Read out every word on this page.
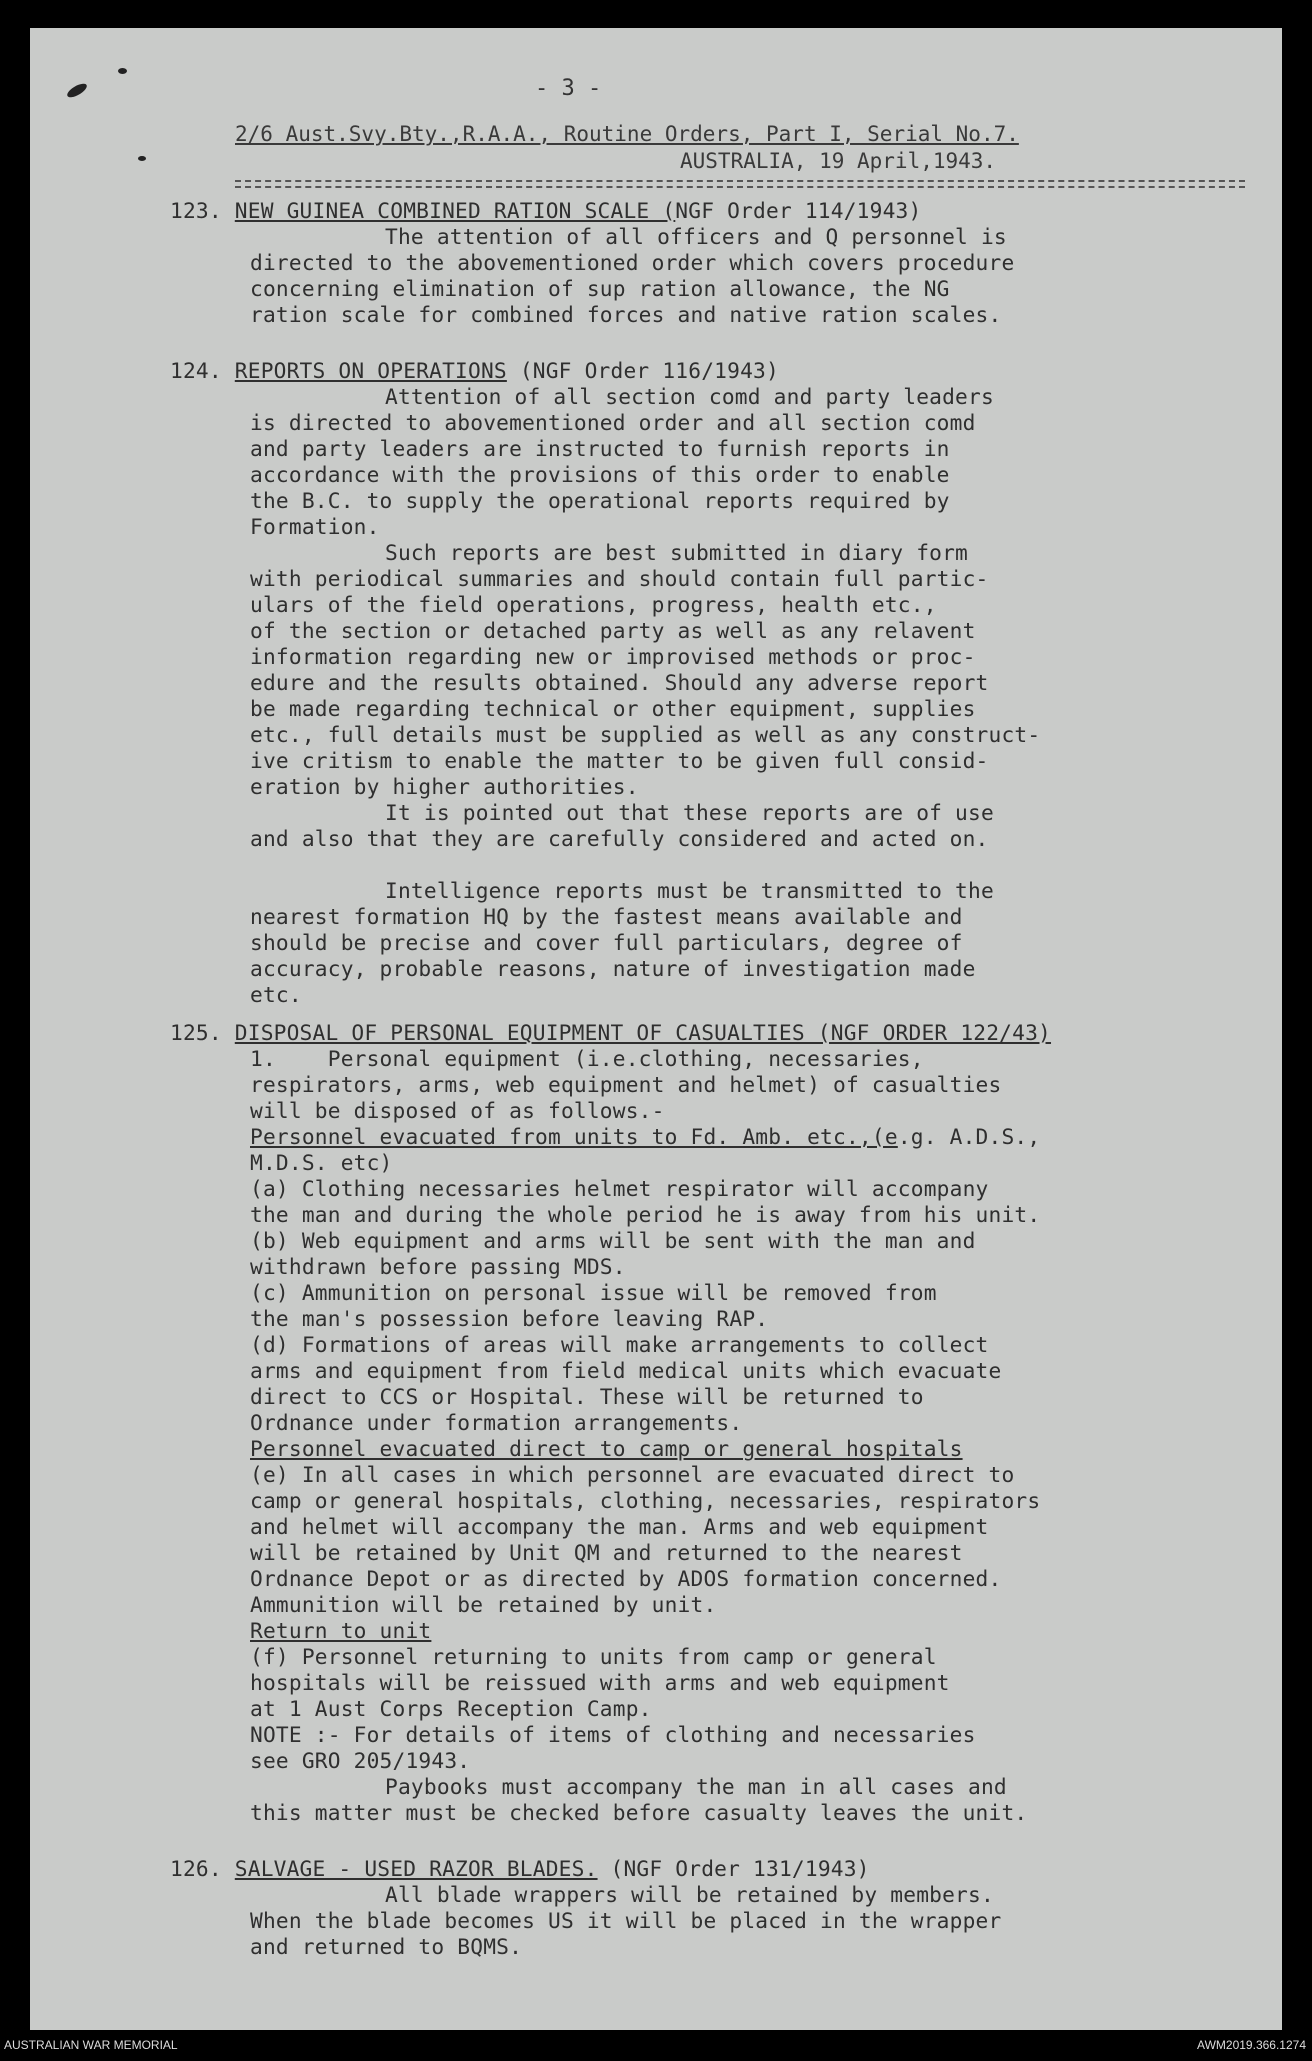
- 3 -
2/6 Aust.Svy.Bty.,R.A.A., Routine Orders, Part I, Serial No.7.
AUSTRALIA, 19 April,1943.
123. NEW GUINEA COMBINED RATION SCALE (NGF Order 114/1943)
The attention of all officers and Q personnel is
directed to the abovementioned order which covers procedure
concerning elimination of sup ration allowance, the NG
ration scale for combined forces and native ration scales.
124. REPORTS ON OPERATIONS (NGF Order 116/1943)
Attention of all section comd and party leaders
is directed to abovementioned order and all section comd
and party leaders are instructed to furnish reports in
accordance with the provisions of this order to enable
the B.C. to supply the operational reports required by
Formation.
Such reports are best submitted in diary form
with periodical summaries and should contain full partic-
ulars of the field operations, progress, health etc.,
of the section or detached party as well as any relavent
information regarding new or improvised methods or proc-
edure and the results obtained. Should any adverse report
be made regarding technical or other equipment, supplies
etc., full details must be supplied as well as any construct-
ive critism to enable the matter to be given full consid-
eration by higher authorities.
It is pointed out that these reports are of use
and also that they are carefully considered and acted on.
Intelligence reports must be transmitted to the
nearest formation HQ by the fastest means available and
should be precise and cover full particulars, degree of
accuracy, probable reasons, nature of investigation made
etc.
125. DISPOSAL OF PERSONAL EQUIPMENT OF CASUALTIES (NGF ORDER 122/43)
1.    Personal equipment (i.e.clothing, necessaries,
respirators, arms, web equipment and helmet) of casualties
will be disposed of as follows.-
Personnel evacuated from units to Fd. Amb. etc.,(e.g. A.D.S.,
M.D.S. etc)
(a) Clothing necessaries helmet respirator will accompany
the man and during the whole period he is away from his unit.
(b) Web equipment and arms will be sent with the man and
withdrawn before passing MDS.
(c) Ammunition on personal issue will be removed from
the man's possession before leaving RAP.
(d) Formations of areas will make arrangements to collect
arms and equipment from field medical units which evacuate
direct to CCS or Hospital. These will be returned to
Ordnance under formation arrangements.
Personnel evacuated direct to camp or general hospitals
(e) In all cases in which personnel are evacuated direct to
camp or general hospitals, clothing, necessaries, respirators
and helmet will accompany the man. Arms and web equipment
will be retained by Unit QM and returned to the nearest
Ordnance Depot or as directed by ADOS formation concerned.
Ammunition will be retained by unit.
Return to unit
(f) Personnel returning to units from camp or general
hospitals will be reissued with arms and web equipment
at 1 Aust Corps Reception Camp.
NOTE :- For details of items of clothing and necessaries
see GRO 205/1943.
Paybooks must accompany the man in all cases and
this matter must be checked before casualty leaves the unit.
126. SALVAGE - USED RAZOR BLADES. (NGF Order 131/1943)
All blade wrappers will be retained by members.
When the blade becomes US it will be placed in the wrapper
and returned to BQMS.
AUSTRALIAN WAR MEMORIAL	AWM2019.366.1274
